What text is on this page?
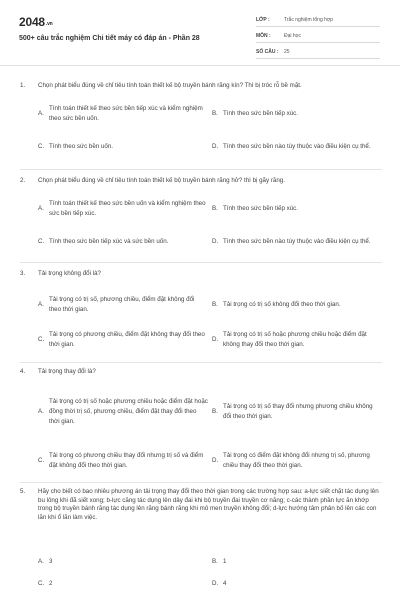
2048.vn
500+ câu trắc nghiệm Chi tiết máy có đáp án - Phần 28
LỚP :	Trắc nghiệm tổng hợp
MÔN :	Đại học
SỐ CÂU :	25
1.	Chọn phát biểu đúng về chỉ tiêu tính toán thiết kế bộ truyền bánh răng kín? Thì bị tróc rỗ bề mặt.
A.
Tính toán thiết kế theo sức bền tiếp xúc và kiểm nghiệm theo sức bền uốn.
B. Tính theo sức bền tiếp xúc.
C. Tính theo sức bền uốn.	D. Tính theo sức bền nào tùy thuộc vào điều kiện cụ thể.
2.	Chọn phát biểu đúng về chỉ tiêu tính toán thiết kế bộ truyền bánh răng hở? thì bị gãy răng.
A.
Tính toán thiết kế theo sức bền uốn và kiểm nghiệm theo sức bền tiếp xúc.
B. Tính theo sức bền tiếp xúc.
C. Tính theo sức bền tiếp xúc và sức bền uốn.	D. Tính theo sức bền nào tùy thuộc vào điều kiện cụ thể.
3.	Tải trọng không đổi là?
A.
Tải trọng có trị số, phương chiều, điểm đặt không đổi theo thời gian.
B. Tải trọng có trị số không đổi theo thời gian.
C.
Tải trọng có phương chiều, điểm đặt không thay đổi theo thời gian.
D.
Tải trọng có trị số hoặc phương chiều hoặc điểm đặt không thay đổi theo thời gian.
4.	Tải trọng thay đổi là?
A.
Tải trọng có trị số hoặc phương chiều hoặc điểm đặt hoặc đồng thời trị số, phương chiều, điểm đặt thay đổi theo thời gian.
B.
Tải trọng có trị số thay đổi nhưng phương chiều không đổi theo thời gian.
C.
Tải trọng có phương chiều thay đổi nhưng trị số và điểm đặt không đổi theo thời gian.
D.
Tải trọng có điểm đặt không đổi nhưng trị số, phương chiều thay đổi theo thời gian.
5.	Hãy cho biết có bao nhiêu phương án tải trọng thay đổi theo thời gian trong các trường hợp sau: a-lực siết chặt tác dụng lên bu lông khi đã siết xong; b-lực căng tác dụng lên dây đai khi bộ truyền đai truyền cơ năng; c-các thành phần lực ăn khớp trong bộ truyền bánh răng tác dụng lên răng bánh răng khi mô men truyền không đổi; d-lực hướng tâm phân bố lên các con lăn khi ổ lăn làm việc.
A. 3	B. 1
C. 2	D. 4
